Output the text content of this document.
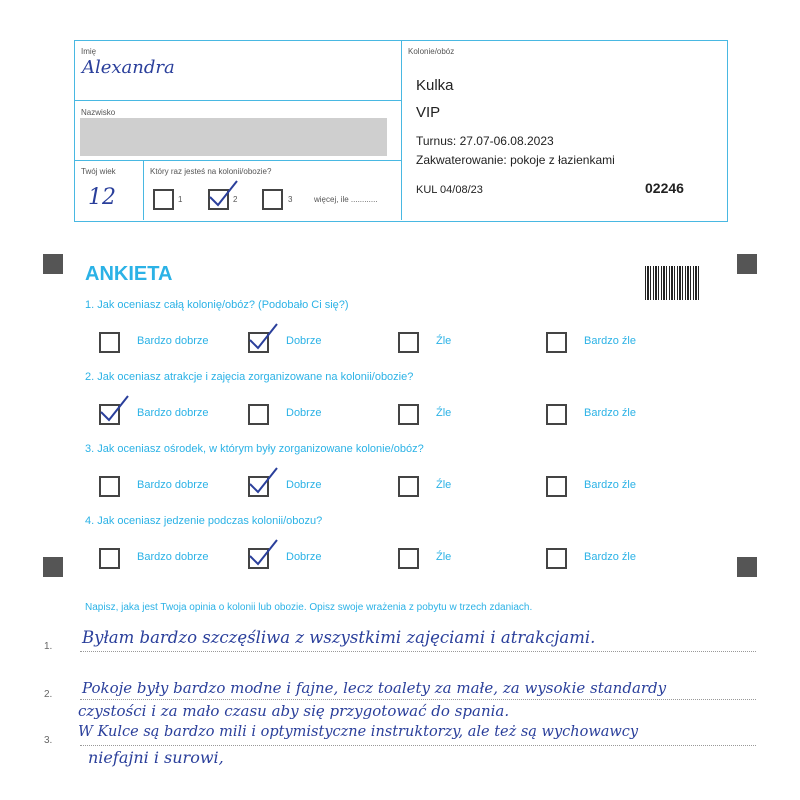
Imię
Alexandra
Nazwisko
Twój wiek
12
Który raz jesteś na kolonii/obozie?
1	2	3	więcej, ile ............
Kolonie/obóz
Kulka
VIP
Turnus: 27.07-06.08.2023
Zakwaterowanie: pokoje z łazienkami
KUL 04/08/23	02246
ANKIETA
1. Jak oceniasz całą kolonię/obóz? (Podobało Ci się?)
2. Jak oceniasz atrakcje i zajęcia zorganizowane na kolonii/obozie?
3. Jak oceniasz ośrodek, w którym były zorganizowane kolonie/obóz?
4. Jak oceniasz jedzenie podczas kolonii/obozu?
Bardzo dobrze	Dobrze	Źle	Bardzo źle
Bardzo dobrze	Dobrze	Źle	Bardzo źle
Bardzo dobrze	Dobrze	Źle	Bardzo źle
Bardzo dobrze	Dobrze	Źle	Bardzo źle
Napisz, jaka jest Twoja opinia o kolonii lub obozie. Opisz swoje wrażenia z pobytu w trzech zdaniach.
1.
2.
3.
Byłam bardzo szczęśliwa z wszystkimi zajęciami i atrakcjami.
Pokoje były bardzo modne i fajne, lecz toalety za małe, za wysokie standardy
czystości i za mało czasu aby się przygotować do spania.
W Kulce są bardzo mili i optymistyczne instruktorzy, ale też są wychowawcy
niefajni i surowi,
